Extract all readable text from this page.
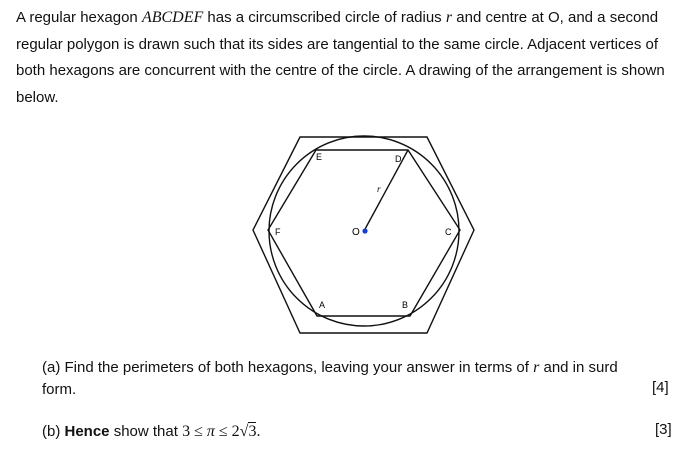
A regular hexagon ABCDEF has a circumscribed circle of radius r and centre at O, and a second regular polygon is drawn such that its sides are tangential to the same circle. Adjacent vertices of both hexagons are concurrent with the centre of the circle. A drawing of the arrangement is shown below.
E	D
F	C
A	B
O
r
(a) Find the perimeters of both hexagons, leaving your answer in terms of r and in surd form.	[4]
(b) Hence show that 3 ≤ π ≤ 2√3.	[3]
